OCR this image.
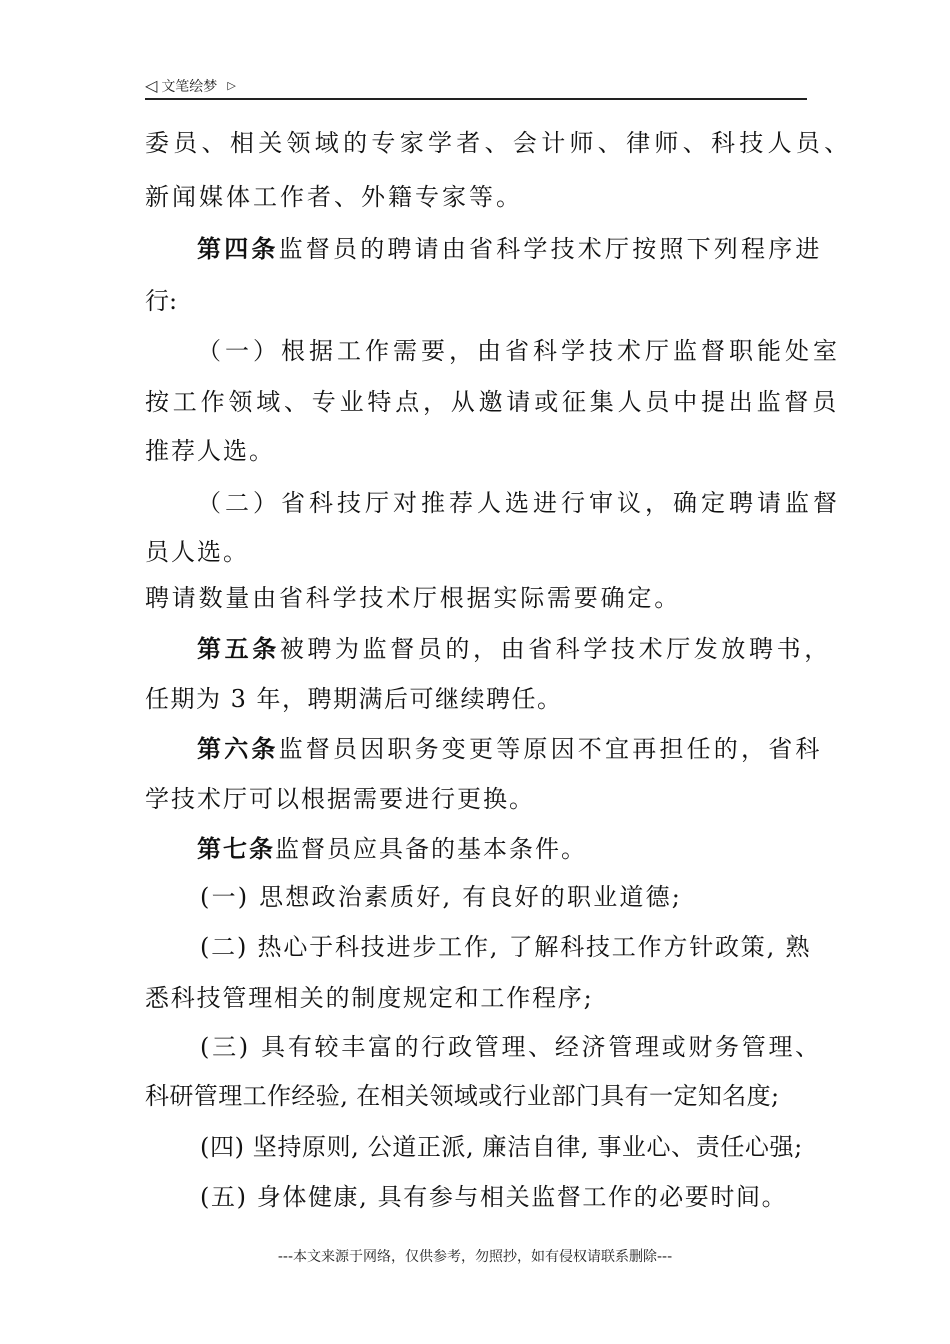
◁ 文笔绘梦 ▷
委员、相关领域的专家学者、会计师、律师、科技人员、
新闻媒体工作者、外籍专家等。
第四条监督员的聘请由省科学技术厅按照下列程序进
行:
（一）根据工作需要，由省科学技术厅监督职能处室
按工作领域、专业特点，从邀请或征集人员中提出监督员
推荐人选。
（二）省科技厅对推荐人选进行审议，确定聘请监督
员人选。
聘请数量由省科学技术厅根据实际需要确定。
第五条被聘为监督员的，由省科学技术厅发放聘书，
任期为 3 年，聘期满后可继续聘任。
第六条监督员因职务变更等原因不宜再担任的，省科
学技术厅可以根据需要进行更换。
第七条监督员应具备的基本条件。
(一) 思想政治素质好, 有良好的职业道德;
(二) 热心于科技进步工作, 了解科技工作方针政策, 熟
悉科技管理相关的制度规定和工作程序;
(三) 具有较丰富的行政管理、经济管理或财务管理、
科研管理工作经验, 在相关领域或行业部门具有一定知名度;
(四) 坚持原则, 公道正派, 廉洁自律, 事业心、责任心强;
(五) 身体健康, 具有参与相关监督工作的必要时间。
---本文来源于网络，仅供参考，勿照抄，如有侵权请联系删除---
